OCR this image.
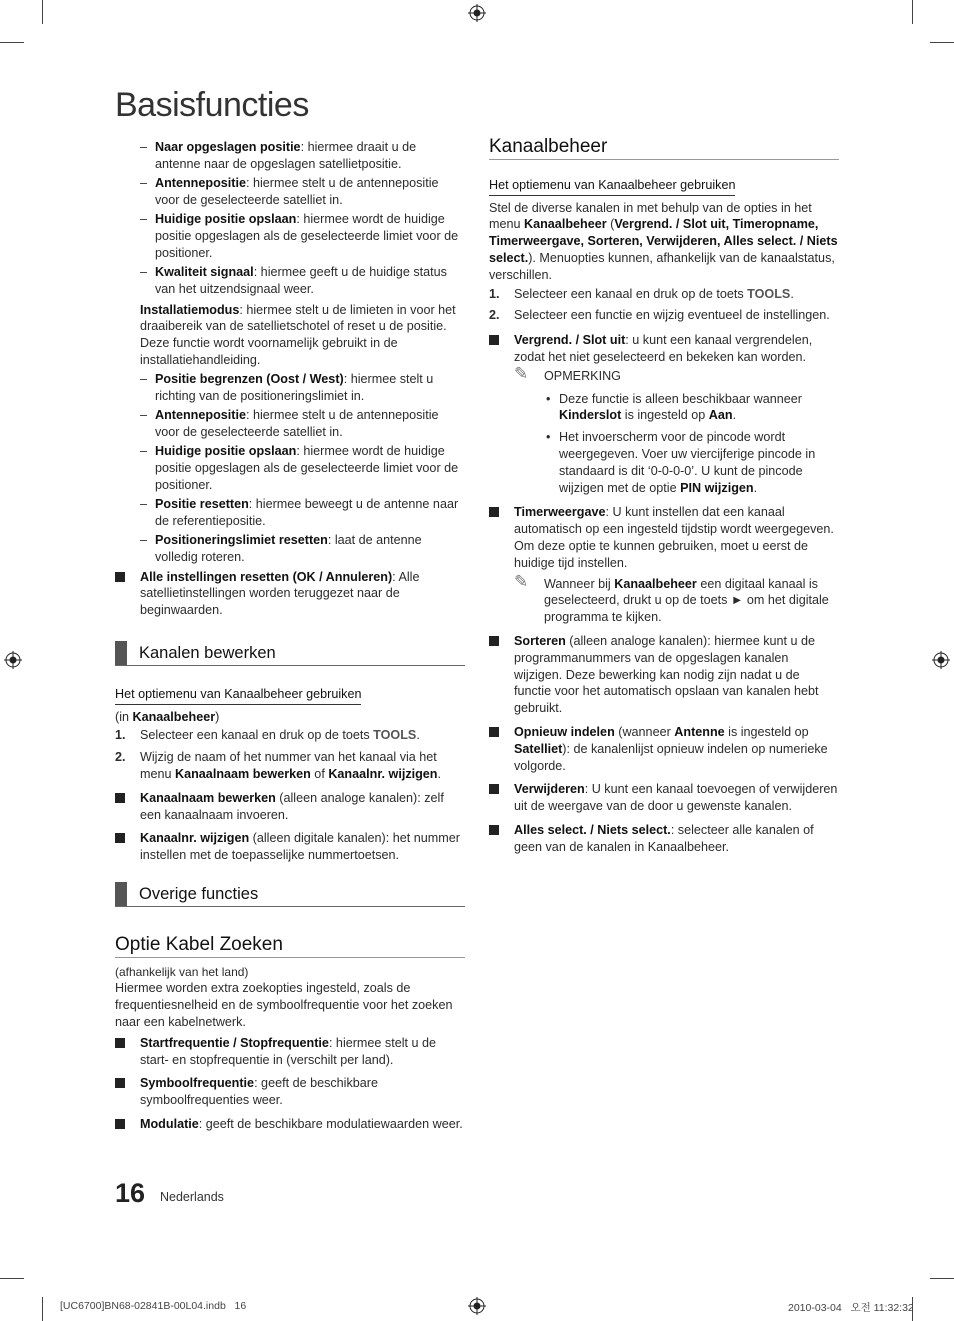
Basisfuncties
– Naar opgeslagen positie: hiermee draait u de antenne naar de opgeslagen satellietpositie.
– Antennepositie: hiermee stelt u de antennepositie voor de geselecteerde satelliet in.
– Huidige positie opslaan: hiermee wordt de huidige positie opgeslagen als de geselecteerde limiet voor de positioner.
– Kwaliteit signaal: hiermee geeft u de huidige status van het uitzendsignaal weer.

Installatiemodus: hiermee stelt u de limieten in voor het draaibereik van de satellietschotel of reset u de positie. Deze functie wordt voornamelijk gebruikt in de installatiehandleiding.

– Positie begrenzen (Oost / West): hiermee stelt u richting van de positioneringslimiet in.
– Antennepositie: hiermee stelt u de antennepositie voor de geselecteerde satelliet in.
– Huidige positie opslaan: hiermee wordt de huidige positie opgeslagen als de geselecteerde limiet voor de positioner.
– Positie resetten: hiermee beweegt u de antenne naar de referentiepositie.
– Positioneringslimiet resetten: laat de antenne volledig roteren.
Alle instellingen resetten (OK / Annuleren): Alle satellietinstellingen worden teruggezet naar de beginwaarden.
Kanalen bewerken
Het optiemenu van Kanaalbeheer gebruiken

(in Kanaalbeheer)

1. Selecteer een kanaal en druk op de toets TOOLS.
2. Wijzig de naam of het nummer van het kanaal via het menu Kanaalnaam bewerken of Kanaalnr. wijzigen.
Kanaalnaam bewerken (alleen analoge kanalen): zelf een kanaalnaam invoeren.
Kanaalnr. wijzigen (alleen digitale kanalen): het nummer instellen met de toepasselijke nummertoetsen.
Overige functies
Optie Kabel Zoeken

(afhankelijk van het land)

Hiermee worden extra zoekopties ingesteld, zoals de frequentiesnelheid en de symboolfrequentie voor het zoeken naar een kabelnetwerk.

Startfrequentie / Stopfrequentie: hiermee stelt u de start- en stopfrequentie in (verschilt per land).
Symboolfrequentie: geeft de beschikbare symboolfrequenties weer.
Modulatie: geeft de beschikbare modulatiewaarden weer.
Kanaalbeheer
Het optiemenu van Kanaalbeheer gebruiken

Stel de diverse kanalen in met behulp van de opties in het menu Kanaalbeheer (Vergrend. / Slot uit, Timeropname, Timerweergave, Sorteren, Verwijderen, Alles select. / Niets select.). Menuopties kunnen, afhankelijk van de kanaalstatus, verschillen.

1. Selecteer een kanaal en druk op de toets TOOLS.
2. Selecteer een functie en wijzig eventueel de instellingen.
Vergrend. / Slot uit: u kunt een kanaal vergrendelen, zodat het niet geselecteerd en bekeken kan worden.
✎ OPMERKING
• Deze functie is alleen beschikbaar wanneer Kinderslot is ingesteld op Aan.
• Het invoerscherm voor de pincode wordt weergegeven. Voer uw viercijferige pincode in standaard is dit ‘0-0-0-0’. U kunt de pincode wijzigen met de optie PIN wijzigen.
Timerweergave: U kunt instellen dat een kanaal automatisch op een ingesteld tijdstip wordt weergegeven. Om deze optie te kunnen gebruiken, moet u eerst de huidige tijd instellen.
✎ Wanneer bij Kanaalbeheer een digitaal kanaal is geselecteerd, drukt u op de toets ► om het digitale programma te kijken.
Sorteren (alleen analoge kanalen): hiermee kunt u de programmanummers van de opgeslagen kanalen wijzigen. Deze bewerking kan nodig zijn nadat u de functie voor het automatisch opslaan van kanalen hebt gebruikt.
Opnieuw indelen (wanneer Antenne is ingesteld op Satelliet): de kanalenlijst opnieuw indelen op numerieke volgorde.
Verwijderen: U kunt een kanaal toevoegen of verwijderen uit de weergave van de door u gewenste kanalen.
Alles select. / Niets select.: selecteer alle kanalen of geen van de kanalen in Kanaalbeheer.
16 Nederlands
[UC6700]BN68-02841B-00L04.indb   16	2010-03-04   오전 11:32:32
